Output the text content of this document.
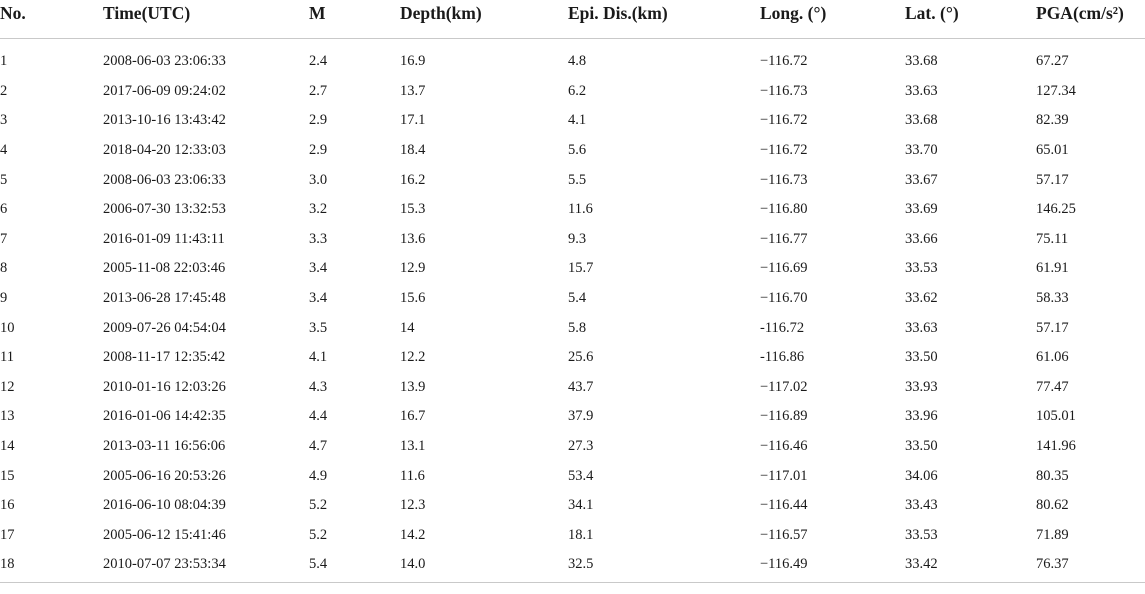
No.	Time(UTC)	M	Depth(km)	Epi. Dis.(km)	Long. (°)	Lat. (°)	PGA(cm/s²)
1	2008-06-03 23:06:33	2.4	16.9	4.8	−116.72	33.68	67.27
2	2017-06-09 09:24:02	2.7	13.7	6.2	−116.73	33.63	127.34
3	2013-10-16 13:43:42	2.9	17.1	4.1	−116.72	33.68	82.39
4	2018-04-20 12:33:03	2.9	18.4	5.6	−116.72	33.70	65.01
5	2008-06-03 23:06:33	3.0	16.2	5.5	−116.73	33.67	57.17
6	2006-07-30 13:32:53	3.2	15.3	11.6	−116.80	33.69	146.25
7	2016-01-09 11:43:11	3.3	13.6	9.3	−116.77	33.66	75.11
8	2005-11-08 22:03:46	3.4	12.9	15.7	−116.69	33.53	61.91
9	2013-06-28 17:45:48	3.4	15.6	5.4	−116.70	33.62	58.33
10	2009-07-26 04:54:04	3.5	14	5.8	-116.72	33.63	57.17
11	2008-11-17 12:35:42	4.1	12.2	25.6	-116.86	33.50	61.06
12	2010-01-16 12:03:26	4.3	13.9	43.7	−117.02	33.93	77.47
13	2016-01-06 14:42:35	4.4	16.7	37.9	−116.89	33.96	105.01
14	2013-03-11 16:56:06	4.7	13.1	27.3	−116.46	33.50	141.96
15	2005-06-16 20:53:26	4.9	11.6	53.4	−117.01	34.06	80.35
16	2016-06-10 08:04:39	5.2	12.3	34.1	−116.44	33.43	80.62
17	2005-06-12 15:41:46	5.2	14.2	18.1	−116.57	33.53	71.89
18	2010-07-07 23:53:34	5.4	14.0	32.5	−116.49	33.42	76.37
